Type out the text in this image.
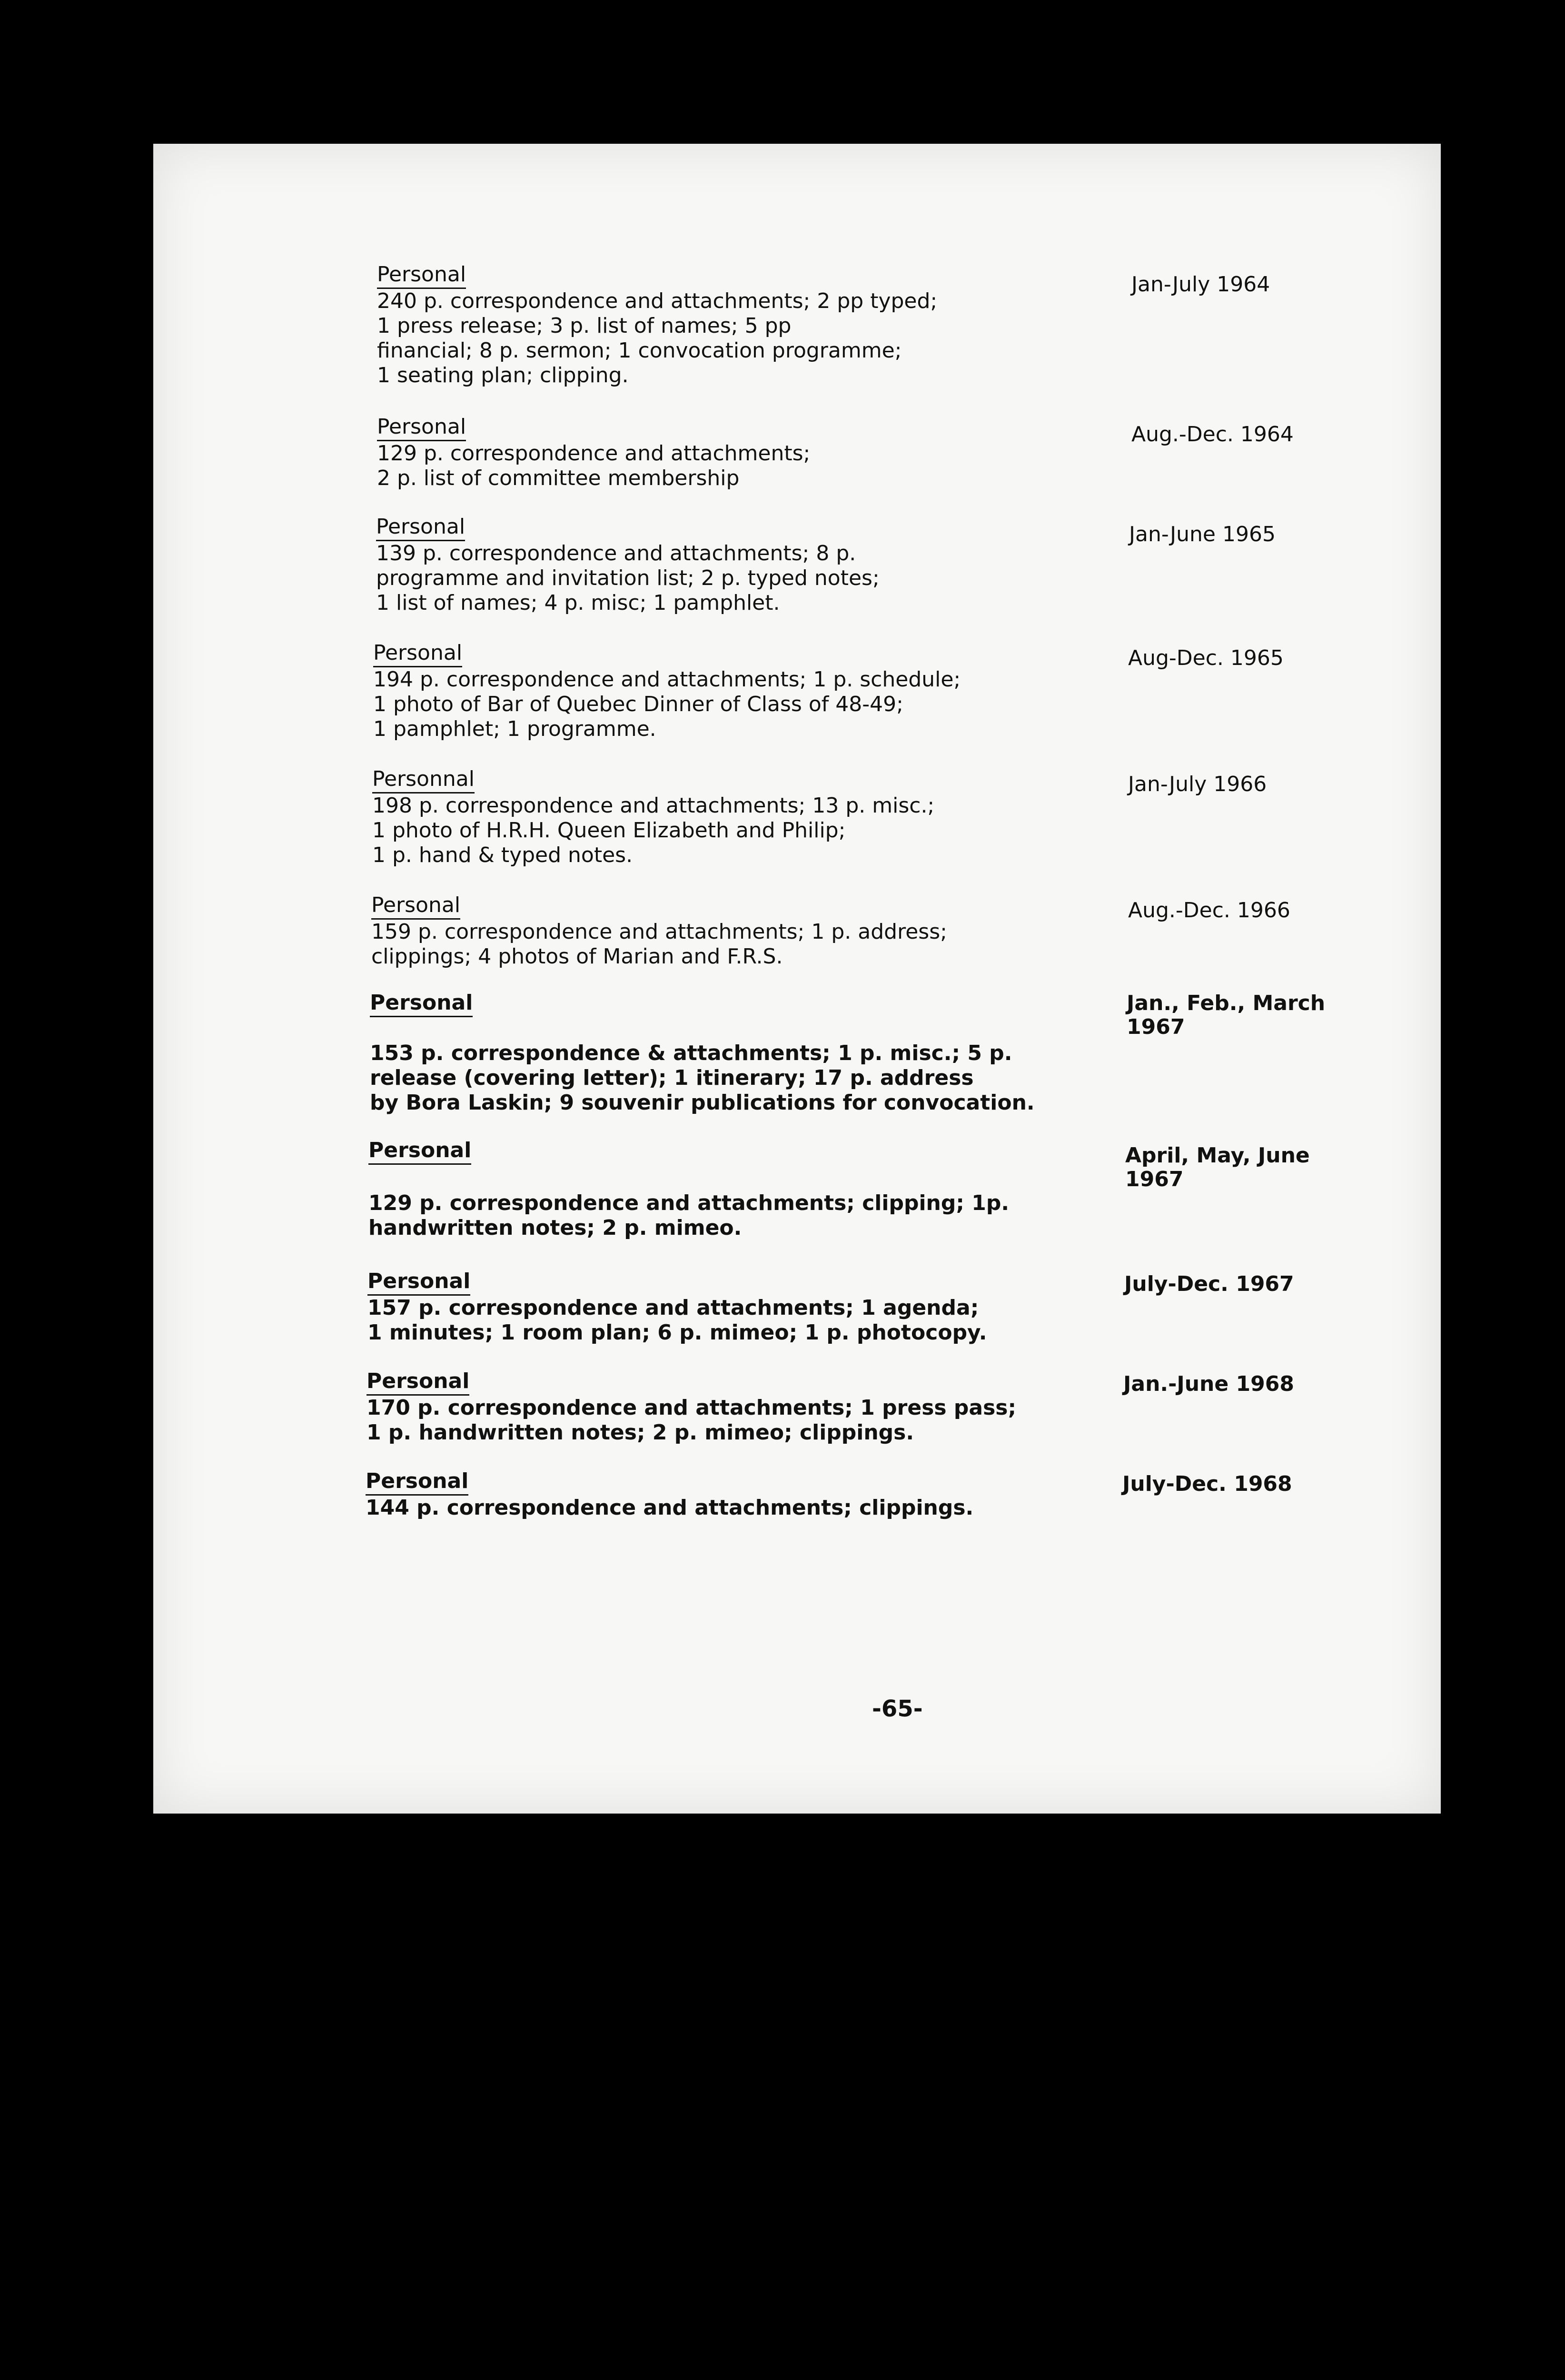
Personal
240 p. correspondence and attachments; 2 pp typed;
1 press release; 3 p. list of names; 5 pp
financial; 8 p. sermon; 1 convocation programme;
1 seating plan; clipping.
Jan-July 1964
Personal
129 p. correspondence and attachments;
2 p. list of committee membership
Aug.-Dec. 1964
Personal
139 p. correspondence and attachments; 8 p.
programme and invitation list; 2 p. typed notes;
1 list of names; 4 p. misc; 1 pamphlet.
Jan-June 1965
Personal
194 p. correspondence and attachments; 1 p. schedule;
1 photo of Bar of Quebec Dinner of Class of 48-49;
1 pamphlet; 1 programme.
Aug-Dec. 1965
Personnal
198 p. correspondence and attachments; 13 p. misc.;
1 photo of H.R.H. Queen Elizabeth and Philip;
1 p. hand & typed notes.
Jan-July 1966
Personal
159 p. correspondence and attachments; 1 p. address;
clippings; 4 photos of Marian and F.R.S.
Aug.-Dec. 1966
Personal
153 p. correspondence & attachments; 1 p. misc.; 5 p.
release (covering letter); 1 itinerary; 17 p. address
by Bora Laskin; 9 souvenir publications for convocation.
Jan., Feb., March
1967
Personal
129 p. correspondence and attachments; clipping; 1p.
handwritten notes; 2 p. mimeo.
April, May, June
1967
Personal
157 p. correspondence and attachments; 1 agenda;
1 minutes; 1 room plan; 6 p. mimeo; 1 p. photocopy.
July-Dec. 1967
Personal
170 p. correspondence and attachments; 1 press pass;
1 p. handwritten notes; 2 p. mimeo; clippings.
Jan.-June 1968
Personal
144 p. correspondence and attachments; clippings.
July-Dec. 1968
-65-
